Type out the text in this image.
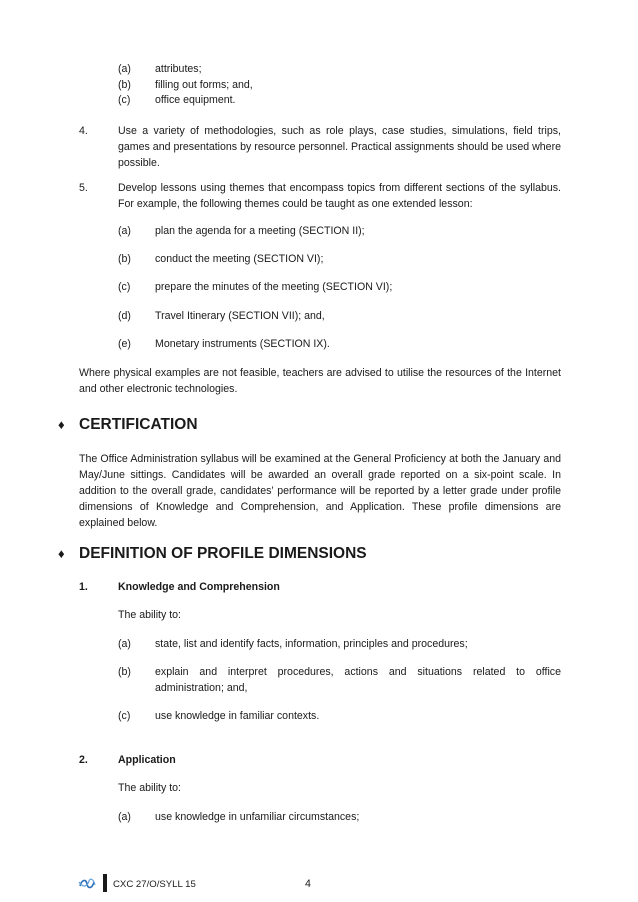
(a) attributes;
(b) filling out forms; and,
(c) office equipment.
4.	Use a variety of methodologies, such as role plays, case studies, simulations, field trips, games and presentations by resource personnel. Practical assignments should be used where possible.
5.	Develop lessons using themes that encompass topics from different sections of the syllabus. For example, the following themes could be taught as one extended lesson:
(a) plan the agenda for a meeting (SECTION II);
(b) conduct the meeting (SECTION VI);
(c) prepare the minutes of the meeting (SECTION VI);
(d) Travel Itinerary (SECTION VII); and,
(e) Monetary instruments (SECTION IX).
Where physical examples are not feasible, teachers are advised to utilise the resources of the Internet and other electronic technologies.
♦ CERTIFICATION
The Office Administration syllabus will be examined at the General Proficiency at both the January and May/June sittings. Candidates will be awarded an overall grade reported on a six-point scale. In addition to the overall grade, candidates’ performance will be reported by a letter grade under profile dimensions of Knowledge and Comprehension, and Application. These profile dimensions are explained below.
♦ DEFINITION OF PROFILE DIMENSIONS
1.	Knowledge and Comprehension
The ability to:
(a) state, list and identify facts, information, principles and procedures;
(b) explain and interpret procedures, actions and situations related to office administration; and,
(c) use knowledge in familiar contexts.
2.	Application
The ability to:
(a) use knowledge in unfamiliar circumstances;
CXC 27/O/SYLL 15	4
